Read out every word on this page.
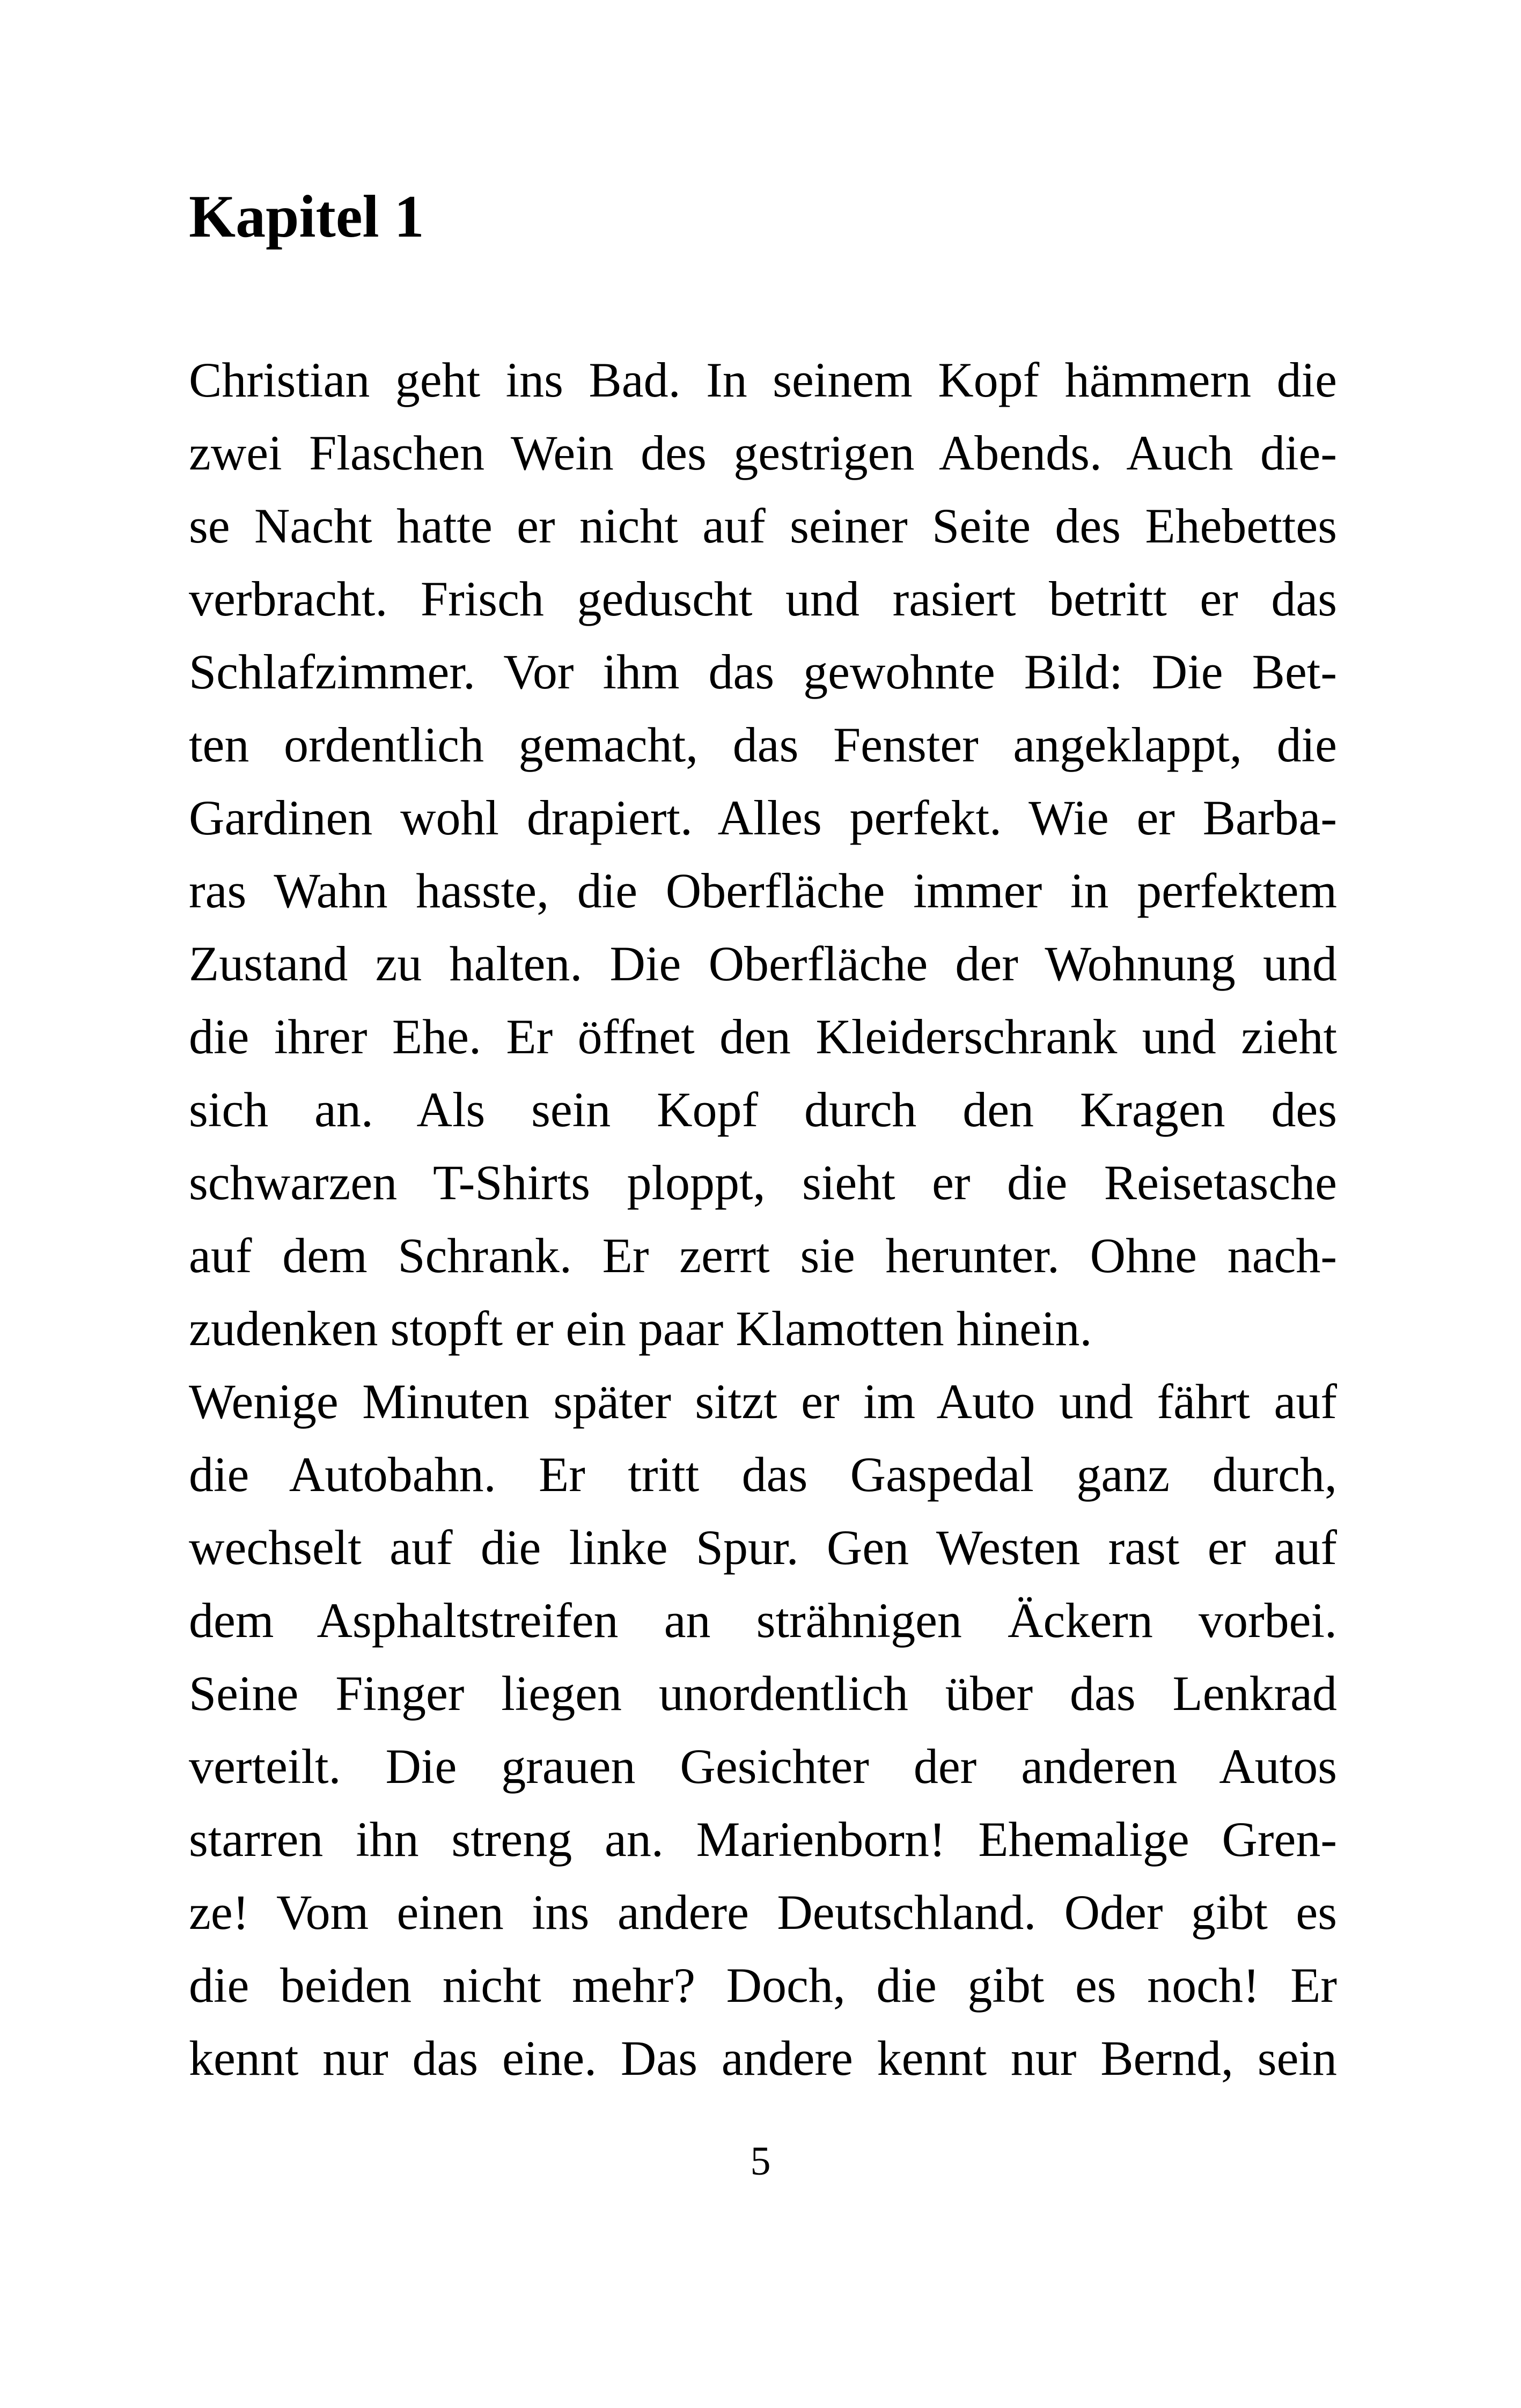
Kapitel 1
Christian geht ins Bad. In seinem Kopf hämmern die
zwei Flaschen Wein des gestrigen Abends. Auch die-
se Nacht hatte er nicht auf seiner Seite des Ehebettes
verbracht. Frisch geduscht und rasiert betritt er das
Schlafzimmer. Vor ihm das gewohnte Bild: Die Bet-
ten ordentlich gemacht, das Fenster angeklappt, die
Gardinen wohl drapiert. Alles perfekt. Wie er Barba-
ras Wahn hasste, die Oberfläche immer in perfektem
Zustand zu halten. Die Oberfläche der Wohnung und
die ihrer Ehe. Er öffnet den Kleiderschrank und zieht
sich an. Als sein Kopf durch den Kragen des
schwarzen T-Shirts ploppt, sieht er die Reisetasche
auf dem Schrank. Er zerrt sie herunter. Ohne nach-
zudenken stopft er ein paar Klamotten hinein.
Wenige Minuten später sitzt er im Auto und fährt auf
die Autobahn. Er tritt das Gaspedal ganz durch,
wechselt auf die linke Spur. Gen Westen rast er auf
dem Asphaltstreifen an strähnigen Äckern vorbei.
Seine Finger liegen unordentlich über das Lenkrad
verteilt. Die grauen Gesichter der anderen Autos
starren ihn streng an. Marienborn! Ehemalige Gren-
ze! Vom einen ins andere Deutschland. Oder gibt es
die beiden nicht mehr? Doch, die gibt es noch! Er
kennt nur das eine. Das andere kennt nur Bernd, sein
5
